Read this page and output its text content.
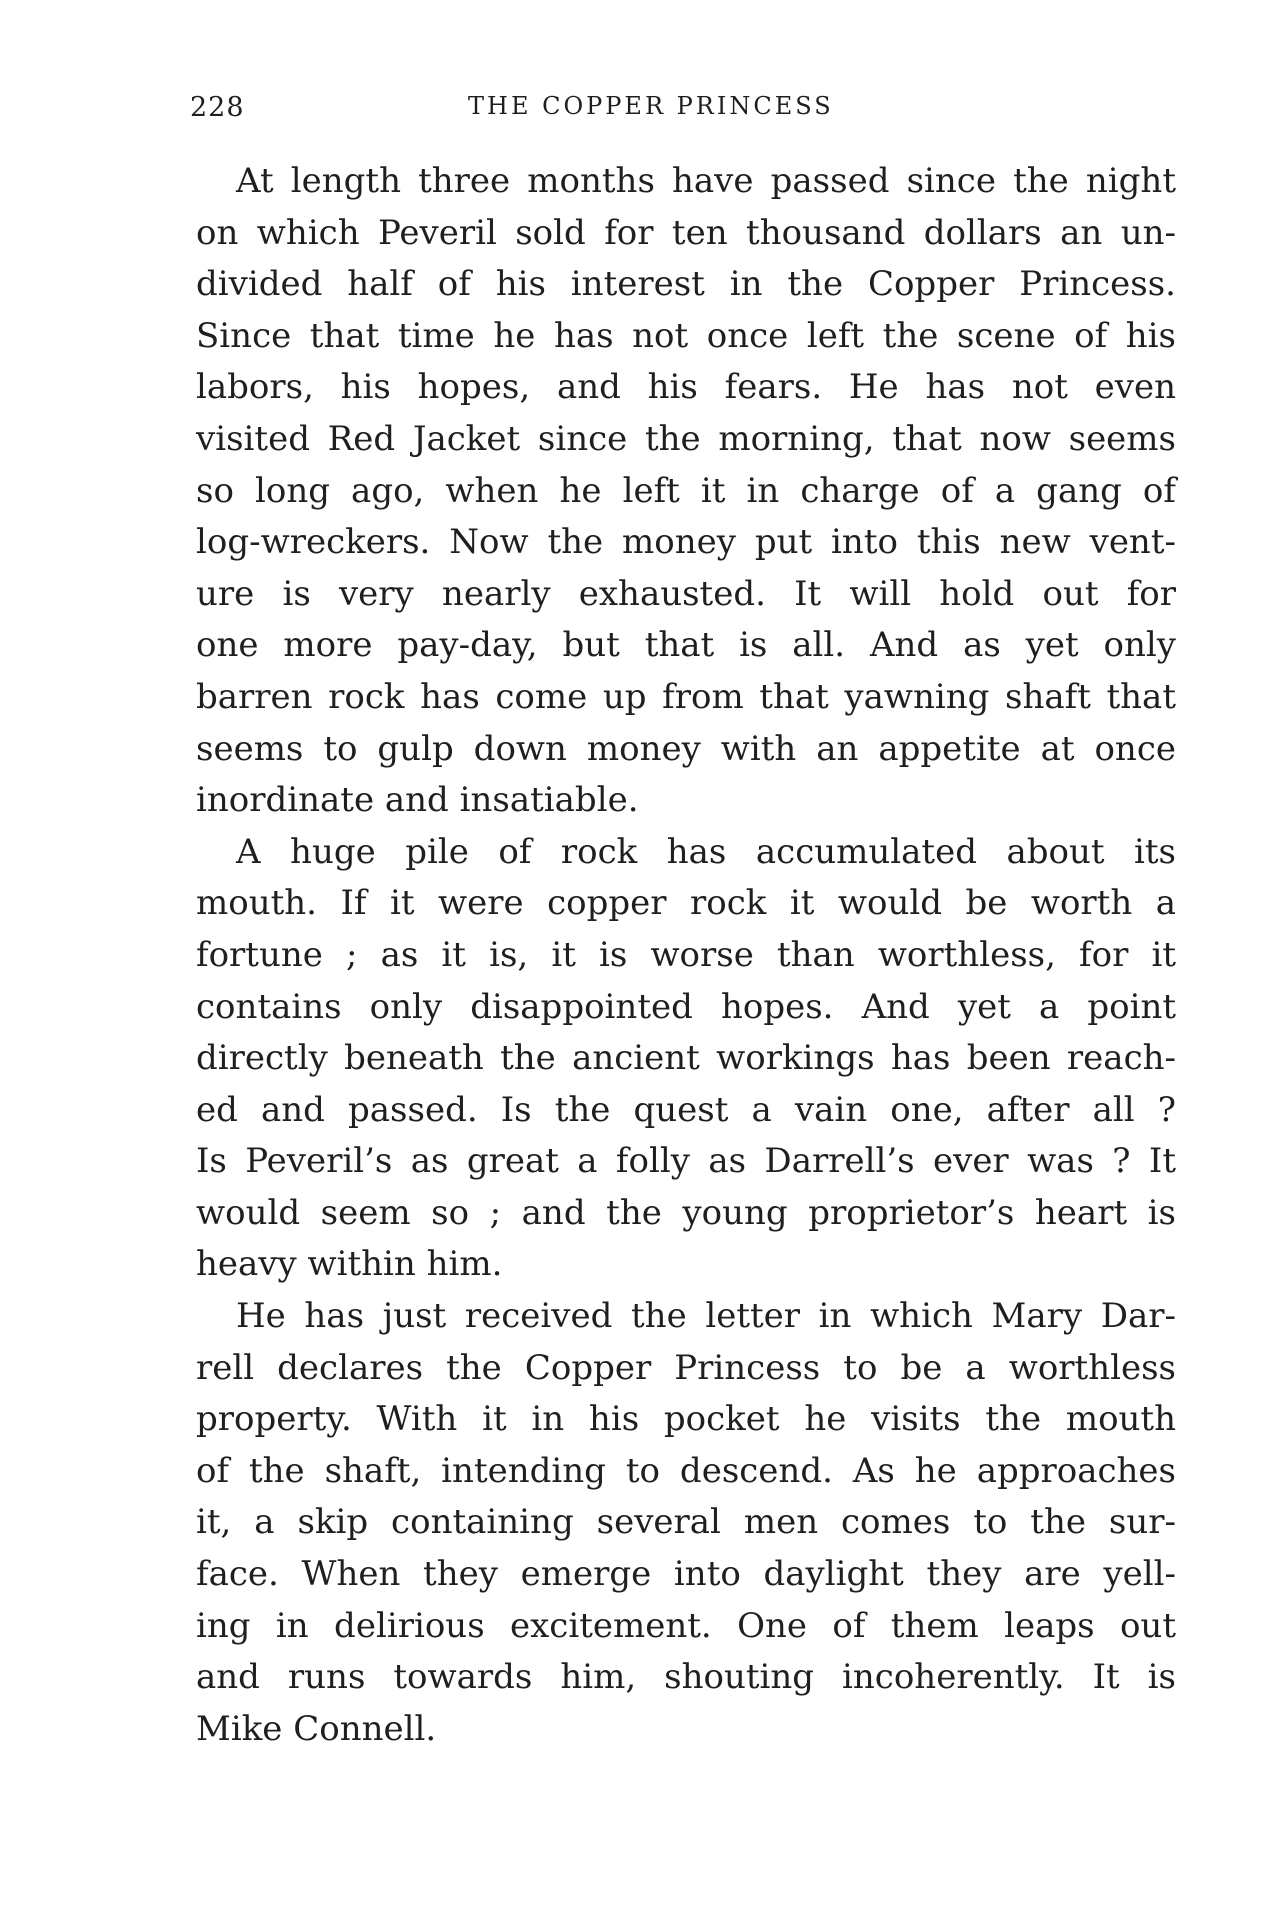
228	THE COPPER PRINCESS
At length three months have passed since the night
on which Peveril sold for ten thousand dollars an un-
divided half of his interest in the Copper Princess.
Since that time he has not once left the scene of his
labors, his hopes, and his fears. He has not even
visited Red Jacket since the morning, that now seems
so long ago, when he left it in charge of a gang of
log-wreckers. Now the money put into this new vent-
ure is very nearly exhausted. It will hold out for
one more pay-day, but that is all. And as yet only
barren rock has come up from that yawning shaft that
seems to gulp down money with an appetite at once
inordinate and insatiable.
A huge pile of rock has accumulated about its
mouth. If it were copper rock it would be worth a
fortune ; as it is, it is worse than worthless, for it
contains only disappointed hopes. And yet a point
directly beneath the ancient workings has been reach-
ed and passed. Is the quest a vain one, after all ?
Is Peveril’s as great a folly as Darrell’s ever was ? It
would seem so ; and the young proprietor’s heart is
heavy within him.
He has just received the letter in which Mary Dar-
rell declares the Copper Princess to be a worthless
property. With it in his pocket he visits the mouth
of the shaft, intending to descend. As he approaches
it, a skip containing several men comes to the sur-
face. When they emerge into daylight they are yell-
ing in delirious excitement. One of them leaps out
and runs towards him, shouting incoherently. It is
Mike Connell.
